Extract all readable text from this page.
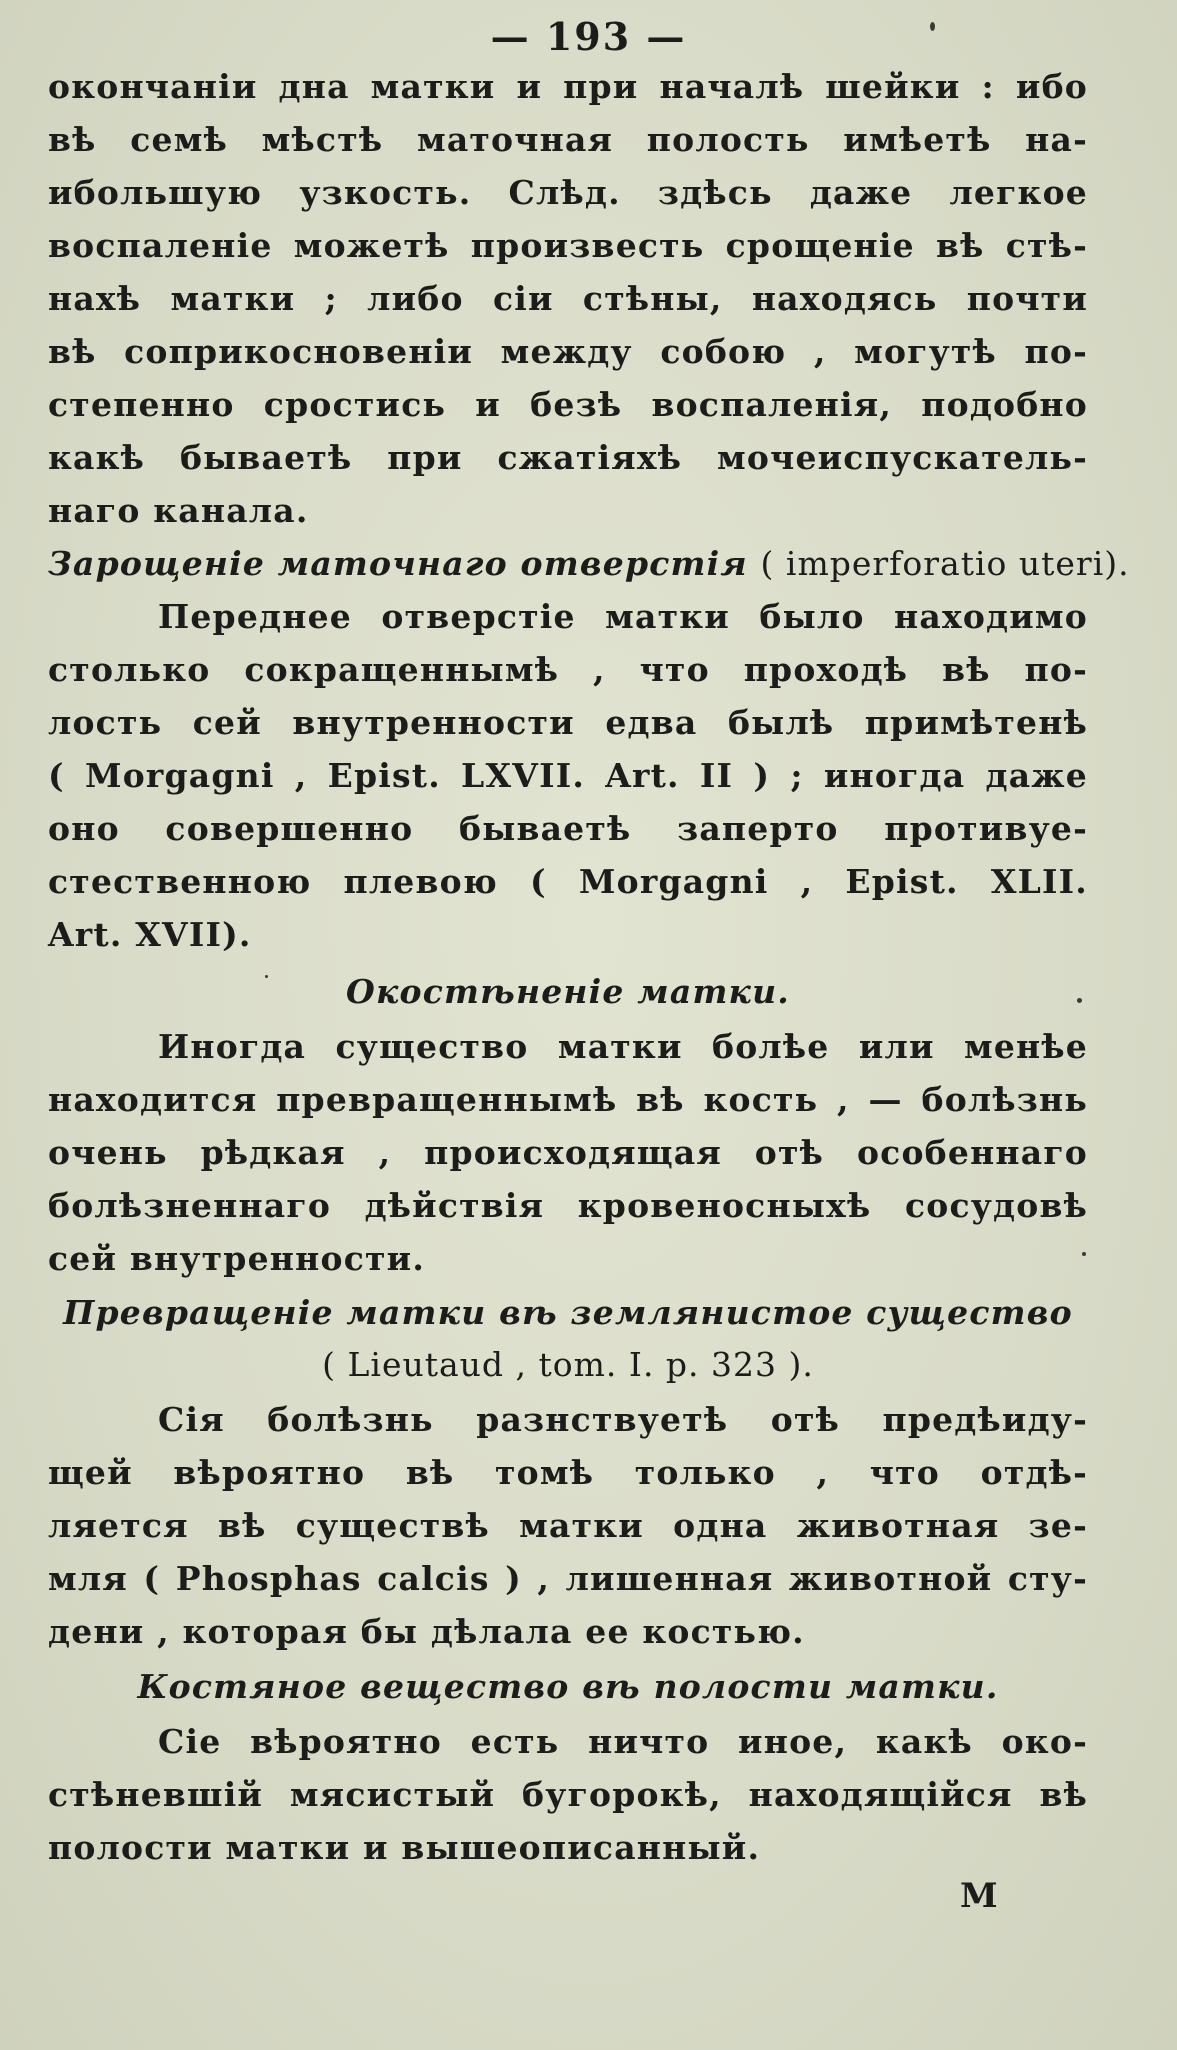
— 193 —
окончаніи дна матки и при началѣ шейки : ибо
вѣ семѣ мѣстѣ маточная полость имѣетѣ на-
ибольшую узкость. Слѣд. здѣсь даже легкое
воспаленіе можетѣ произвесть срощеніе вѣ стѣ-
нахѣ матки ; либо сіи стѣны, находясь почти
вѣ соприкосновеніи между собою , могутѣ по-
степенно сростись и безѣ воспаленія, подобно
какѣ бываетѣ при сжатіяхѣ мочеиспускатель-
наго канала.
Зарощеніе маточнаго отверстія ( imperforatio uteri).
Переднее отверстіе матки было находимо
столько сокращеннымѣ , что проходѣ вѣ по-
лость сей внутренности едва былѣ примѣтенѣ
( Morgagni , Epist. LXVII. Art. II ) ; иногда даже
оно совершенно бываетѣ заперто противуе-
стественною плевою ( Morgagni , Epist. XLII.
Art. XVII).
Окостѣненіе матки.
Иногда существо матки болѣе или менѣе
находится превращеннымѣ вѣ кость , — болѣзнь
очень рѣдкая , происходящая отѣ особеннаго
болѣзненнаго дѣйствія кровеносныхѣ сосудовѣ
сей внутренности.
Превращеніе матки вѣ землянистое существо
( Lieutaud , tom. I. p. 323 ).
Сія болѣзнь разнствуетѣ отѣ предѣиду-
щей вѣроятно вѣ томѣ только , что отдѣ-
ляется вѣ существѣ матки одна животная зе-
мля ( Phosphas calcis ) , лишенная животной сту-
дени , которая бы дѣлала ее костью.
Костяное вещество вѣ полости матки.
Сіе вѣроятно есть ничто иное, какѣ око-
стѣневшій мясистый бугорокѣ, находящійся вѣ
полости матки и вышеописанный.
M
